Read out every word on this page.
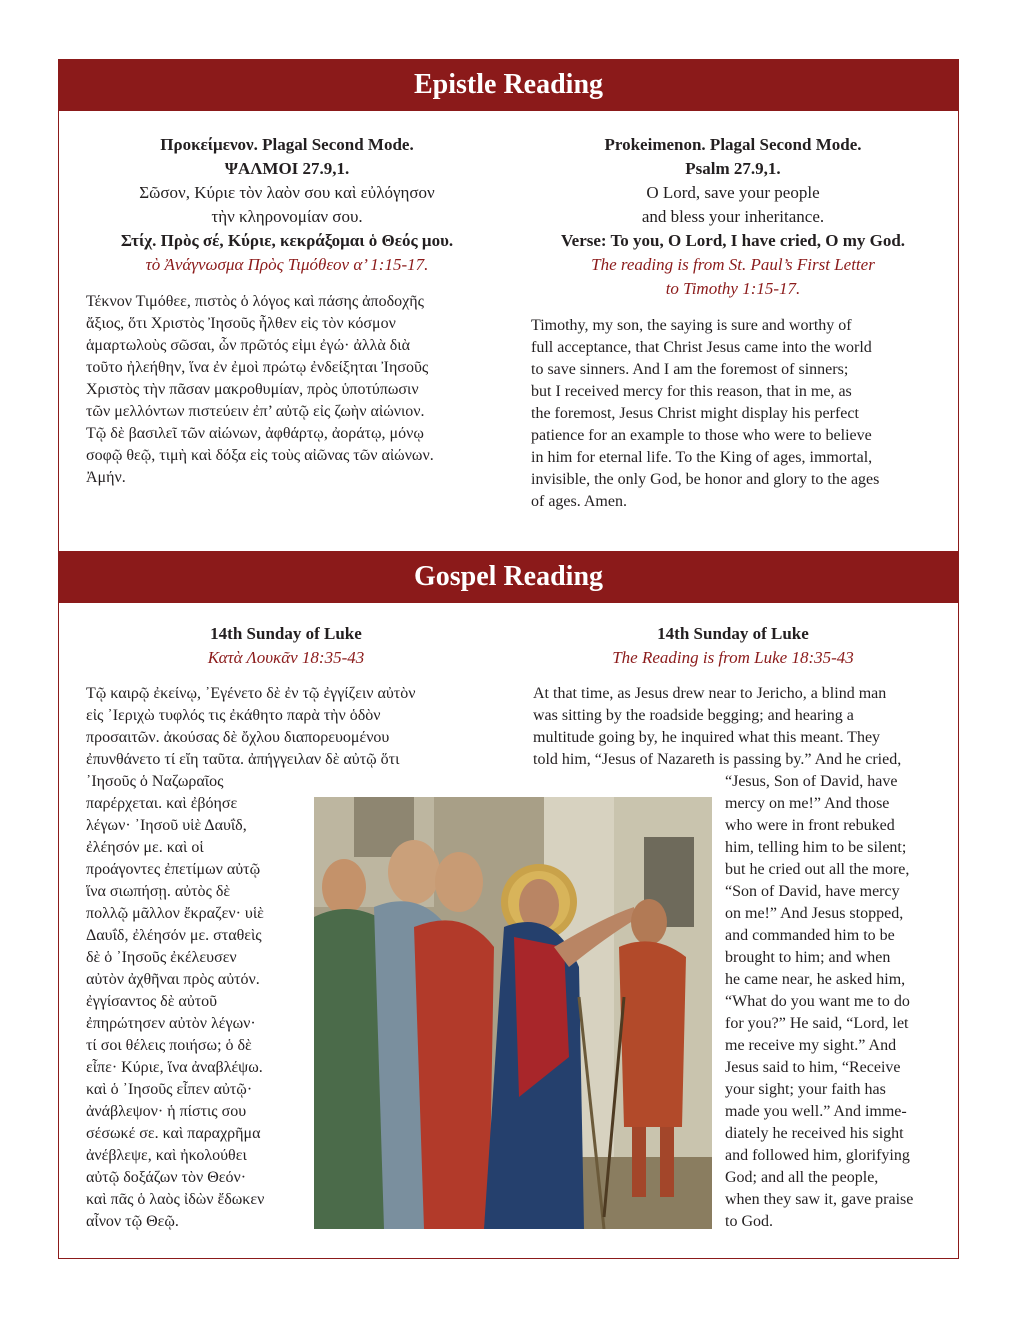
Epistle Reading
Προκείμενον. Plagal Second Mode.
ΨΑΛΜΟΙ 27.9,1.
Σῶσον, Κύριε τὸν λαὸν σου καὶ εὐλόγησον
τὴν κληρονομίαν σου.
Στίχ. Πρὸς σέ, Κύριε, κεκράξομαι ὁ Θεός μου.
τὸ Ἀνάγνωσμα Πρὸς Τιμόθεον α’ 1:15-17.

Τέκνον Τιμόθεε, πιστὸς ὁ λόγος καὶ πάσης ἀποδοχῆς

ἄξιος, ὅτι Χριστὸς Ἰησοῦς ἦλθεν εἰς τὸν κόσμον

ἁμαρτωλοὺς σῶσαι, ὧν πρῶτός εἰμι ἐγώ· ἀλλὰ διὰ

τοῦτο ἠλεήθην, ἵνα ἐν ἐμοὶ πρώτῳ ἐνδείξηται Ἰησοῦς

Χριστὸς τὴν πᾶσαν μακροθυμίαν, πρὸς ὑποτύπωσιν

τῶν μελλόντων πιστεύειν ἐπ’ αὐτῷ εἰς ζωὴν αἰώνιον.

Τῷ δὲ βασιλεῖ τῶν αἰώνων, ἀφθάρτῳ, ἀοράτῳ, μόνῳ

σοφῷ θεῷ, τιμὴ καὶ δόξα εἰς τοὺς αἰῶνας τῶν αἰώνων.

Ἀμήν.

Prokeimenon. Plagal Second Mode.
Psalm 27.9,1.
O Lord, save your people
and bless your inheritance.
Verse: To you, O Lord, I have cried, O my God.
The reading is from St. Paul’s First Letter
to Timothy 1:15-17.

Timothy, my son, the saying is sure and worthy of

full acceptance, that Christ Jesus came into the world

to save sinners. And I am the foremost of sinners;

but I received mercy for this reason, that in me, as

the foremost, Jesus Christ might display his perfect

patience for an example to those who were to believe

in him for eternal life. To the King of ages, immortal,

invisible, the only God, be honor and glory to the ages

of ages. Amen.

Gospel Reading
14th Sunday of Luke
Κατὰ Λουκᾶν 18:35-43
14th Sunday of Luke
The Reading is from Luke 18:35-43

Τῷ καιρῷ ἐκείνῳ, ᾿Εγένετο δὲ ἐν τῷ ἐγγίζειν αὐτὸν

εἰς ᾿Ιεριχὼ τυφλός τις ἐκάθητο παρὰ τὴν ὁδὸν

προσαιτῶν. ἀκούσας δὲ ὄχλου διαπορευομένου

ἐπυνθάνετο τί εἴη ταῦτα. ἀπήγγειλαν δὲ αὐτῷ ὅτι

᾿Ιησοῦς ὁ Ναζωραῖος

παρέρχεται. καὶ ἐβόησε

λέγων· ᾿Ιησοῦ υἱὲ Δαυΐδ,

ἐλέησόν με. καὶ οἱ

προάγοντες ἐπετίμων αὐτῷ

ἵνα σιωπήσῃ. αὐτὸς δὲ

πολλῷ μᾶλλον ἔκραζεν· υἱὲ

Δαυΐδ, ἐλέησόν με. σταθεὶς

δὲ ὁ ᾿Ιησοῦς ἐκέλευσεν

αὐτὸν ἀχθῆναι πρὸς αὐτόν.

ἐγγίσαντος δὲ αὐτοῦ

ἐπηρώτησεν αὐτὸν λέγων·

τί σοι θέλεις ποιήσω; ὁ δὲ

εἶπε· Κύριε, ἵνα ἀναβλέψω.

καὶ ὁ ᾿Ιησοῦς εἶπεν αὐτῷ·

ἀνάβλεψον· ἡ πίστις σου

σέσωκέ σε. καὶ παραχρῆμα

ἀνέβλεψε, καὶ ἠκολούθει

αὐτῷ δοξάζων τὸν Θεόν·

καὶ πᾶς ὁ λαὸς ἰδὼν ἔδωκεν

αἶνον τῷ Θεῷ.

At that time, as Jesus drew near to Jericho, a blind man

was sitting by the roadside begging; and hearing a

multitude going by, he inquired what this meant. They

told him, “Jesus of Nazareth is passing by.” And he cried,

“Jesus, Son of David, have

mercy on me!” And those

who were in front rebuked

him, telling him to be silent;

but he cried out all the more,

“Son of David, have mercy

on me!” And Jesus stopped,

and commanded him to be

brought to him; and when

he came near, he asked him,

“What do you want me to do

for you?” He said, “Lord, let

me receive my sight.” And

Jesus said to him, “Receive

your sight; your faith has

made you well.” And imme-

diately he received his sight

and followed him, glorifying

God; and all the people,

when they saw it, gave praise

to God.
